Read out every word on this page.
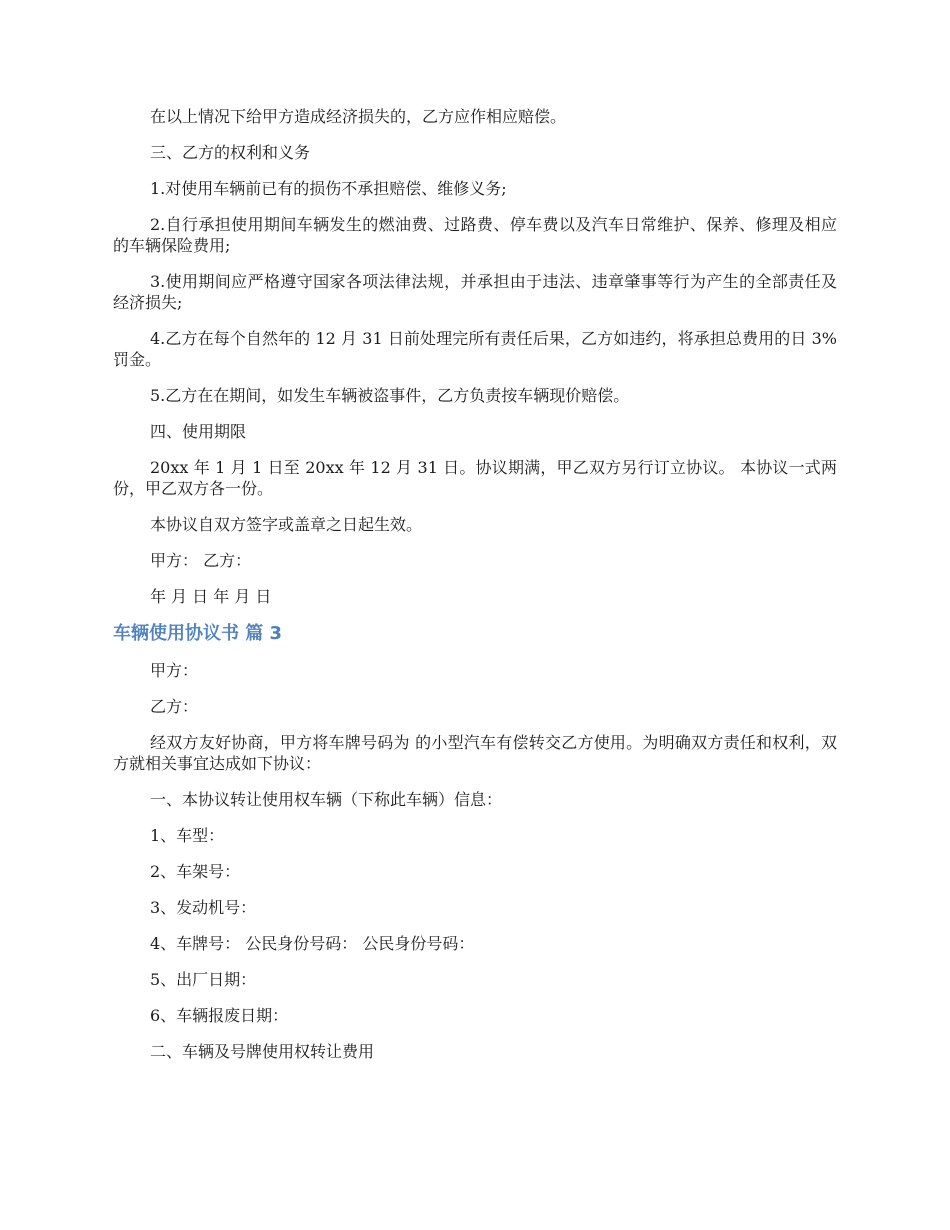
在以上情况下给甲方造成经济损失的，乙方应作相应赔偿。

三、乙方的权利和义务

1.对使用车辆前已有的损伤不承担赔偿、维修义务;

2.自行承担使用期间车辆发生的燃油费、过路费、停车费以及汽车日常维护、保养、修理及相应的车辆保险费用;

3.使用期间应严格遵守国家各项法律法规，并承担由于违法、违章肇事等行为产生的全部责任及经济损失;

4.乙方在每个自然年的 12 月 31 日前处理完所有责任后果，乙方如违约，将承担总费用的日 3%罚金。

5.乙方在在期间，如发生车辆被盗事件，乙方负责按车辆现价赔偿。

四、使用期限

20xx 年 1 月 1 日至 20xx 年 12 月 31 日。协议期满，甲乙双方另行订立协议。 本协议一式两份，甲乙双方各一份。

本协议自双方签字或盖章之日起生效。

甲方： 乙方：

年 月 日 年 月 日

车辆使用协议书 篇 3

甲方：

乙方：

经双方友好协商，甲方将车牌号码为 的小型汽车有偿转交乙方使用。为明确双方责任和权利，双方就相关事宜达成如下协议：

一、本协议转让使用权车辆（下称此车辆）信息：

1、车型：

2、车架号：

3、发动机号：

4、车牌号： 公民身份号码： 公民身份号码：

5、出厂日期：

6、车辆报废日期：

二、车辆及号牌使用权转让费用
